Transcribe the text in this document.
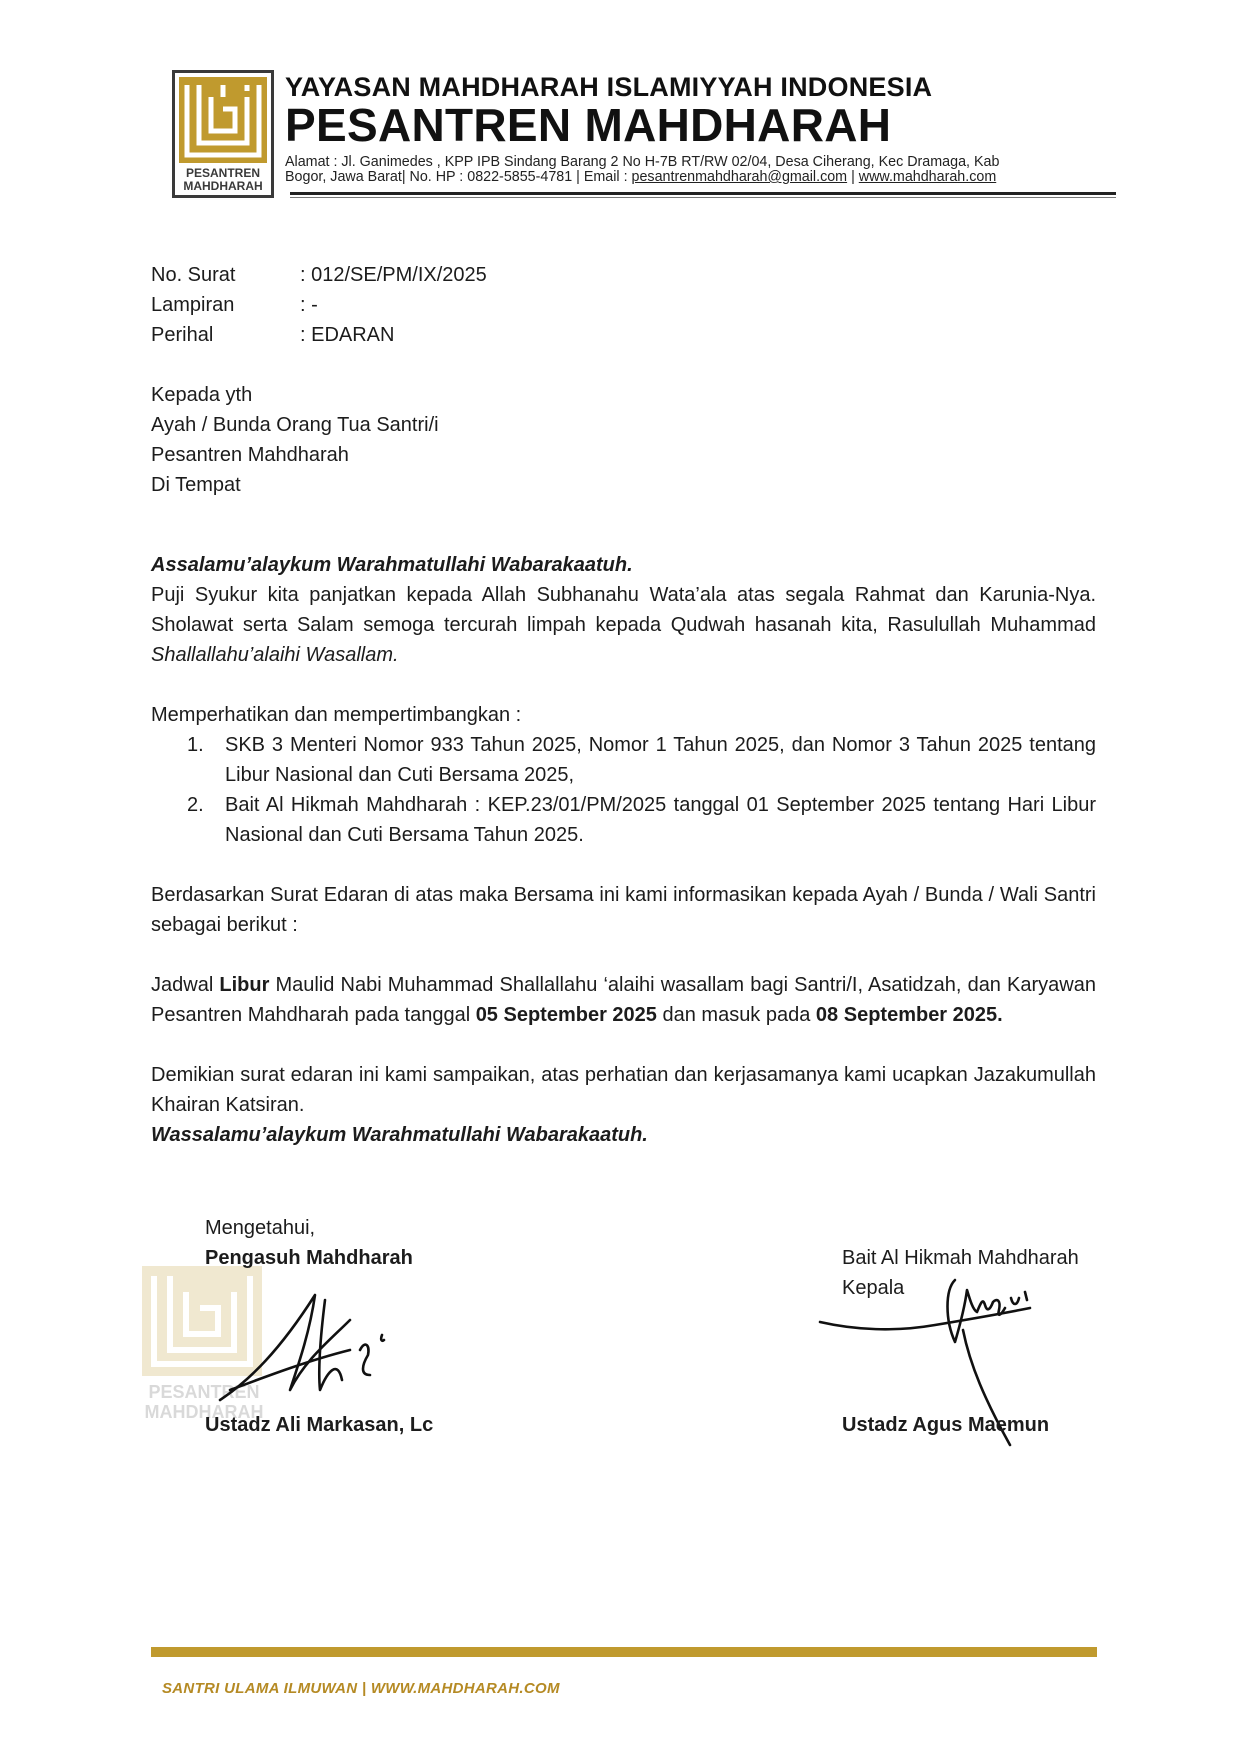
PESANTREN
MAHDHARAH
YAYASAN MAHDHARAH ISLAMIYYAH INDONESIA
PESANTREN MAHDHARAH
Alamat : Jl. Ganimedes , KPP IPB Sindang Barang 2 No H-7B RT/RW 02/04, Desa Ciherang, Kec Dramaga, Kab
Bogor, Jawa Barat| No. HP : 0822-5855-4781 | Email : pesantrenmahdharah@gmail.com | www.mahdharah.com
No. Surat	: 012/SE/PM/IX/2025
Lampiran	: -
Perihal	: EDARAN
Kepada yth
Ayah / Bunda Orang Tua Santri/i
Pesantren Mahdharah
Di Tempat

Assalamu’alaykum Warahmatullahi Wabarakaatuh.

Puji Syukur kita panjatkan kepada Allah Subhanahu Wata’ala atas segala Rahmat dan Karunia-Nya. Sholawat serta Salam semoga tercurah limpah kepada Qudwah hasanah kita, Rasulullah Muhammad Shallallahu’alaihi Wasallam.

Memperhatikan dan mempertimbangkan :

1. SKB 3 Menteri Nomor 933 Tahun 2025, Nomor 1 Tahun 2025, dan Nomor 3 Tahun 2025 tentang Libur Nasional dan Cuti Bersama 2025,
2. Bait Al Hikmah Mahdharah : KEP.23/01/PM/2025 tanggal 01 September 2025 tentang Hari Libur Nasional dan Cuti Bersama Tahun 2025.

Berdasarkan Surat Edaran di atas maka Bersama ini kami informasikan kepada Ayah / Bunda / Wali Santri sebagai berikut :

Jadwal Libur Maulid Nabi Muhammad Shallallahu ‘alaihi wasallam bagi Santri/I, Asatidzah, dan Karyawan Pesantren Mahdharah pada tanggal 05 September 2025 dan masuk pada 08 September 2025.

Demikian surat edaran ini kami sampaikan, atas perhatian dan kerjasamanya kami ucapkan Jazakumullah Khairan Katsiran.

Wassalamu’alaykum Warahmatullahi Wabarakaatuh.

PESANTREN
MAHDHARAH
Mengetahui,
Pengasuh Mahdharah
Ustadz Ali Markasan, Lc
Bait Al Hikmah Mahdharah
Kepala
Ustadz Agus Maemun
SANTRI ULAMA ILMUWAN | WWW.MAHDHARAH.COM
